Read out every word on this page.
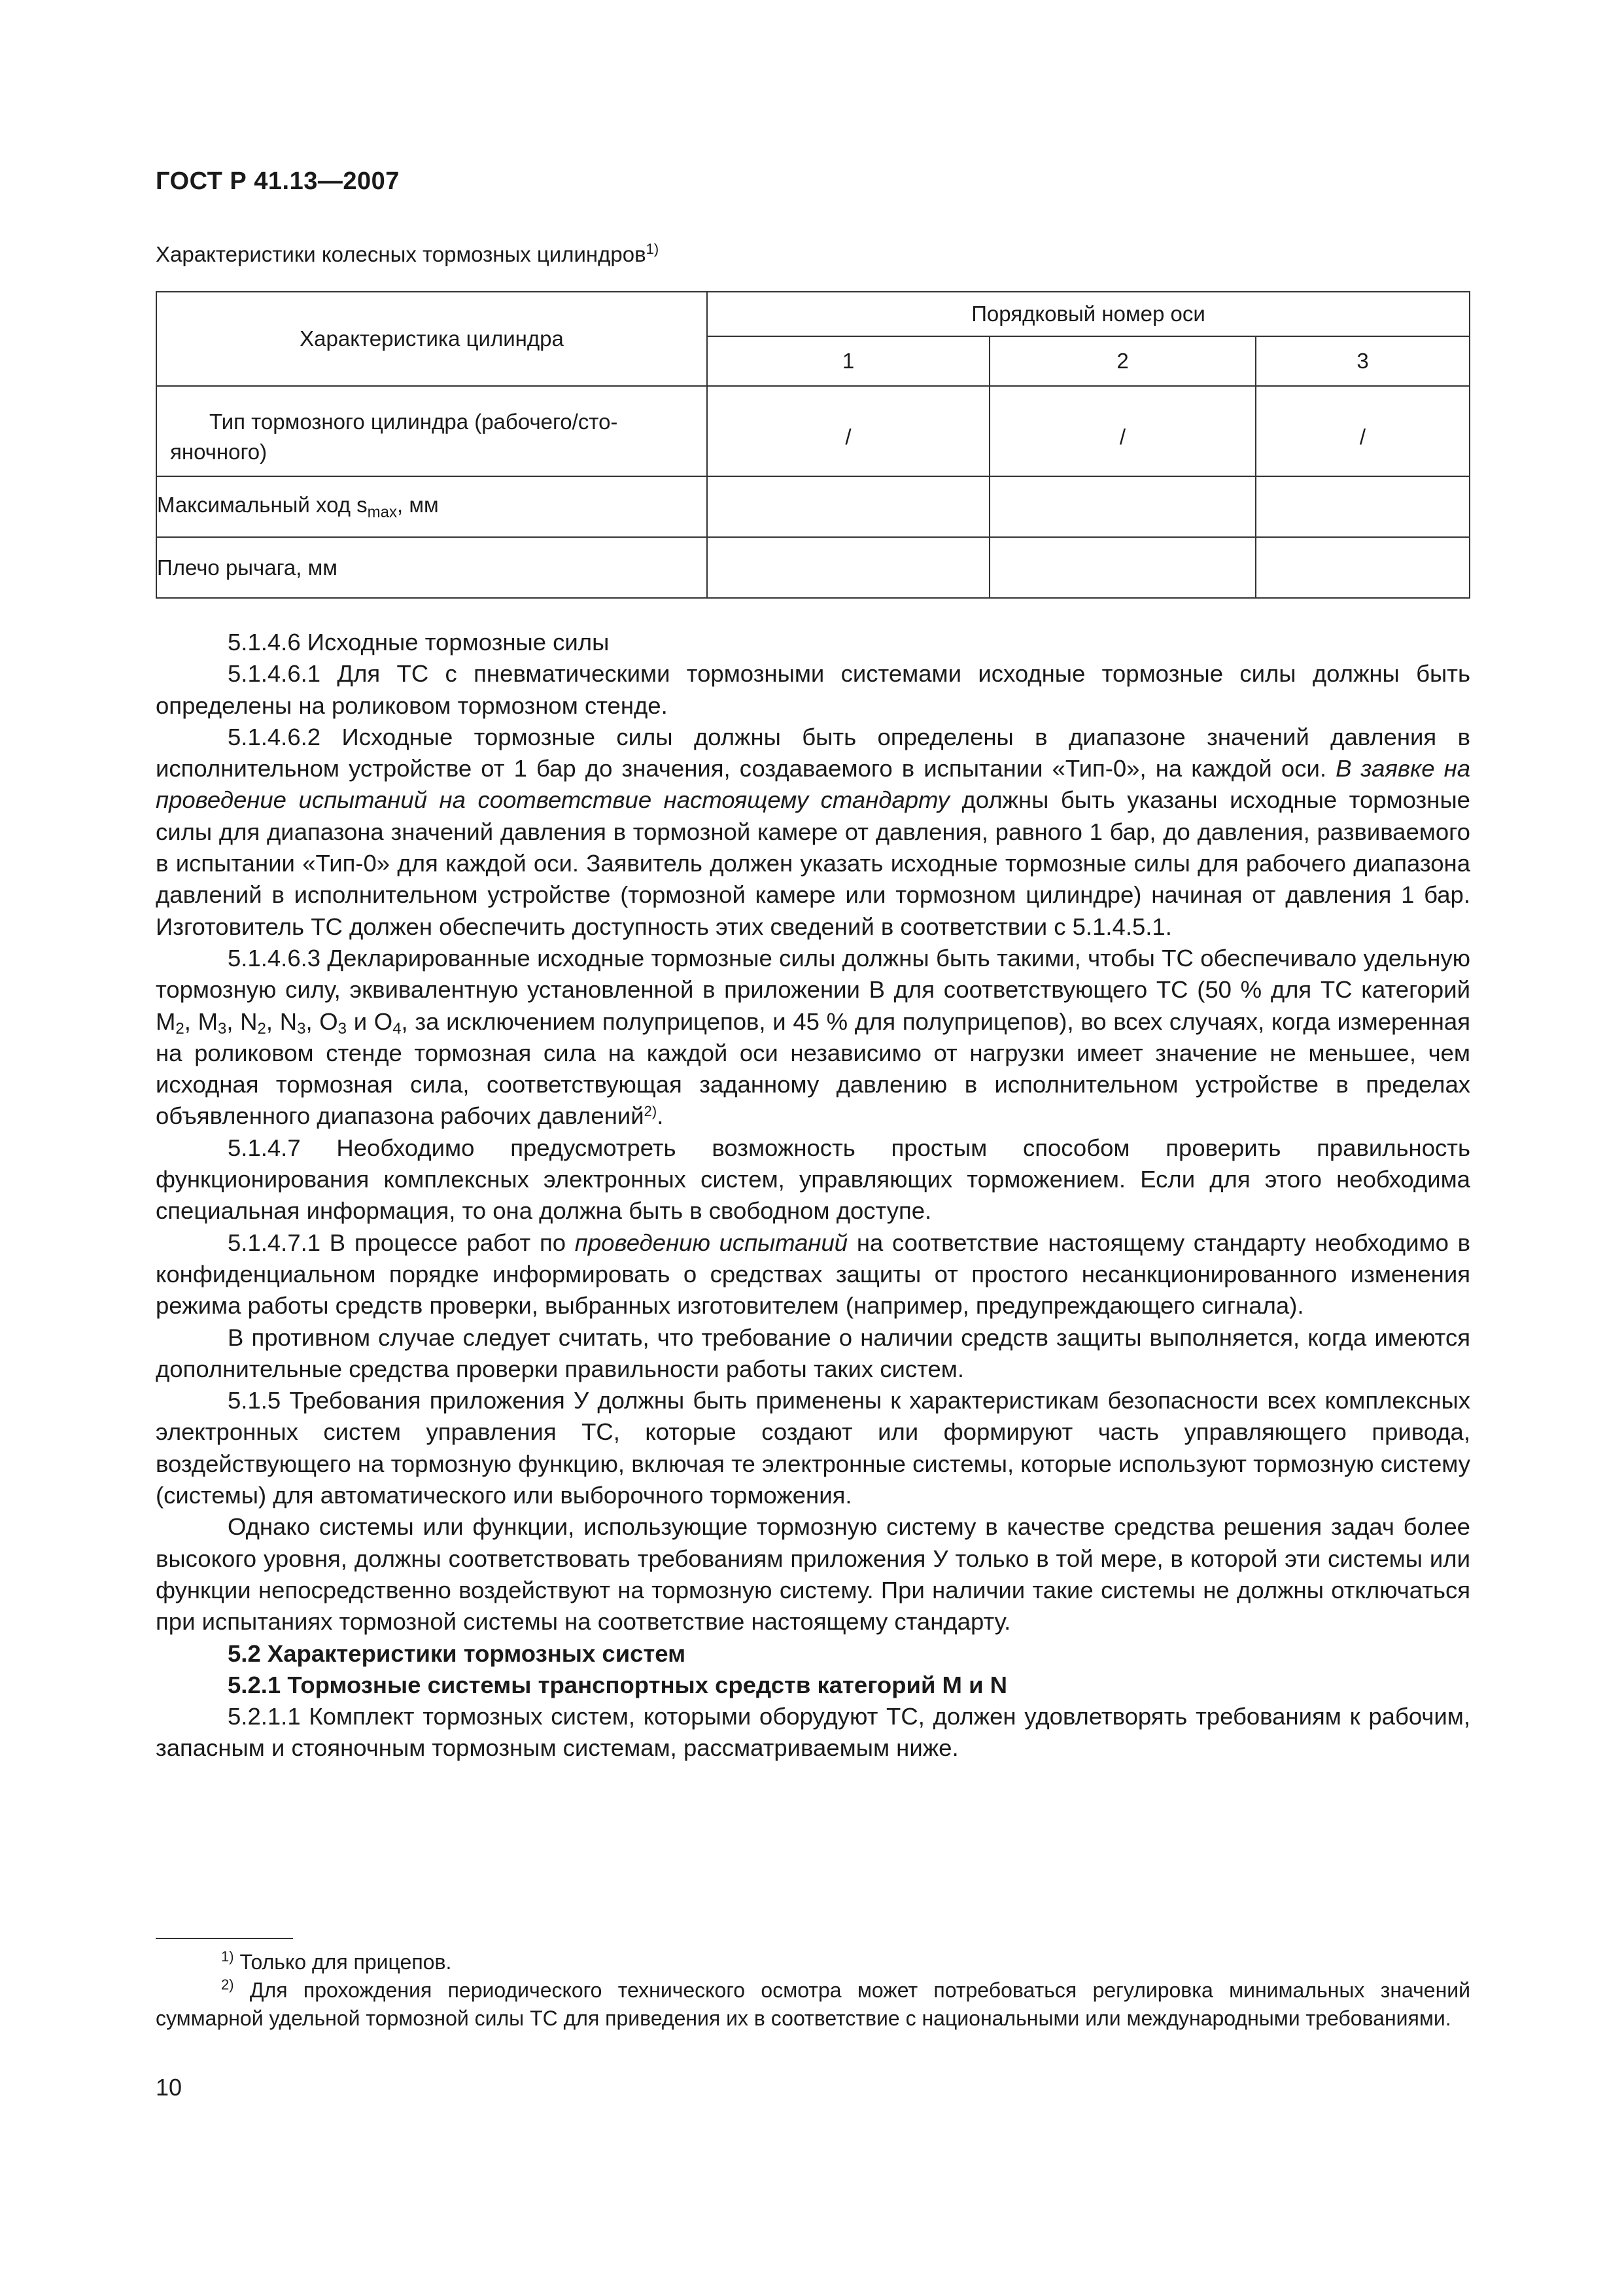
ГОСТ Р 41.13—2007
Характеристики колесных тормозных цилиндров$^{1)}$
Характеристика цилиндра	Порядковый номер оси		
	1	2	3

Тип тормозного цилиндра (рабочего/сто-яночного)	/	/	/
Максимальный ход $s_{max}$, мм			
Плечо рычага, мм			

5.1.4.6 Исходные тормозные силы

5.1.4.6.1 Для ТС с пневматическими тормозными системами исходные тормозные силы должны быть определены на роликовом тормозном стенде.

5.1.4.6.2 Исходные тормозные силы должны быть определены в диапазоне значений давления в исполнительном устройстве от 1 бар до значения, создаваемого в испытании «Тип-0», на каждой оси. В заявке на проведение испытаний на соответствие настоящему стандарту должны быть указаны исходные тормозные силы для диапазона значений давления в тормозной камере от давления, равного 1 бар, до давления, развиваемого в испытании «Тип-0» для каждой оси. Заявитель должен указать исходные тормозные силы для рабочего диапазона давлений в исполнительном устройстве (тормозной камере или тормозном цилиндре) начиная от давления 1 бар. Изготовитель ТС должен обеспечить доступность этих сведений в соответствии с 5.1.4.5.1.

5.1.4.6.3 Декларированные исходные тормозные силы должны быть такими, чтобы ТС обеспечивало удельную тормозную силу, эквивалентную установленной в приложении В для соответствующего ТС (50 % для ТС категорий $М_2$, $М_3$, $N_2$, $N_3$, $O_3$ и $O_4$, за исключением полуприцепов, и 45 % для полуприцепов), во всех случаях, когда измеренная на роликовом стенде тормозная сила на каждой оси независимо от нагрузки имеет значение не меньшее, чем исходная тормозная сила, соответствующая заданному давлению в исполнительном устройстве в пределах объявленного диапазона рабочих давлений$^{2)}$.

5.1.4.7 Необходимо предусмотреть возможность простым способом проверить правильность функционирования комплексных электронных систем, управляющих торможением. Если для этого необходима специальная информация, то она должна быть в свободном доступе.

5.1.4.7.1 В процессе работ по проведению испытаний на соответствие настоящему стандарту необходимо в конфиденциальном порядке информировать о средствах защиты от простого несанкционированного изменения режима работы средств проверки, выбранных изготовителем (например, предупреждающего сигнала).

В противном случае следует считать, что требование о наличии средств защиты выполняется, когда имеются дополнительные средства проверки правильности работы таких систем.

5.1.5 Требования приложения У должны быть применены к характеристикам безопасности всех комплексных электронных систем управления ТС, которые создают или формируют часть управляющего привода, воздействующего на тормозную функцию, включая те электронные системы, которые используют тормозную систему (системы) для автоматического или выборочного торможения.

Однако системы или функции, использующие тормозную систему в качестве средства решения задач более высокого уровня, должны соответствовать требованиям приложения У только в той мере, в которой эти системы или функции непосредственно воздействуют на тормозную систему. При наличии такие системы не должны отключаться при испытаниях тормозной системы на соответствие настоящему стандарту.

5.2 Характеристики тормозных систем

5.2.1 Тормозные системы транспортных средств категорий М и N

5.2.1.1 Комплект тормозных систем, которыми оборудуют ТС, должен удовлетворять требованиям к рабочим, запасным и стояночным тормозным системам, рассматриваемым ниже.

$^{1)}$ Только для прицепов.

$^{2)}$ Для прохождения периодического технического осмотра может потребоваться регулировка минимальных значений суммарной удельной тормозной силы ТС для приведения их в соответствие с национальными или международными требованиями.

10
